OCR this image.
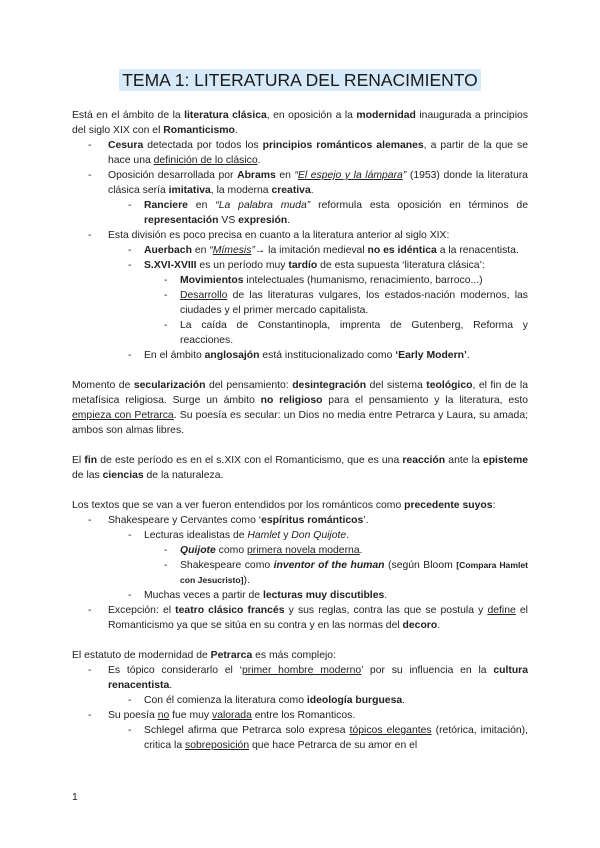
TEMA 1: LITERATURA DEL RENACIMIENTO

Está en el ámbito de la literatura clásica, en oposición a la modernidad inaugurada a principios del siglo XIX con el Romanticismo.

- Cesura detectada por todos los principios románticos alemanes, a partir de la que se hace una definición de lo clásico.
- Oposición desarrollada por Abrams en “El espejo y la lámpara” (1953) donde la literatura clásica sería imitativa, la moderna creativa.
- Ranciere en “La palabra muda” reformula esta oposición en términos de representación VS expresión.
- Esta división es poco precisa en cuanto a la literatura anterior al siglo XIX:
- Auerbach en “Mímesis”→ la imitación medieval no es idéntica a la renacentista.
- S.XVI-XVIII es un período muy tardío de esta supuesta ‘literatura clásica’:
- Movimientos intelectuales (humanismo, renacimiento, barroco...)
- Desarrollo de las literaturas vulgares, los estados-nación modernos, las ciudades y el primer mercado capitalista.
- La caída de Constantinopla, imprenta de Gutenberg, Reforma y reacciones.
- En el ámbito anglosajón está institucionalizado como ‘Early Modern’.

Momento de secularización del pensamiento: desintegración del sistema teológico, el fin de la metafísica religiosa. Surge un ámbito no religioso para el pensamiento y la literatura, esto empieza con Petrarca. Su poesía es secular: un Dios no media entre Petrarca y Laura, su amada; ambos son almas libres.

El fin de este período es en el s.XIX con el Romanticismo, que es una reacción ante la episteme de las ciencias de la naturaleza.

Los textos que se van a ver fueron entendidos por los románticos como precedente suyos:

- Shakespeare y Cervantes como ‘espíritus románticos’.
- Lecturas idealistas de Hamlet y Don Quijote.
- Quijote como primera novela moderna.
- Shakespeare como inventor of the human (según Bloom [Compara Hamlet con Jesucristo]).
- Muchas veces a partir de lecturas muy discutibles.
- Excepción: el teatro clásico francés y sus reglas, contra las que se postula y define el Romanticismo ya que se sitúa en su contra y en las normas del decoro.

El estatuto de modernidad de Petrarca es más complejo:

- Es tópico considerarlo el ‘primer hombre moderno’ por su influencia en la cultura renacentista.
- Con él comienza la literatura como ideología burguesa.
- Su poesía no fue muy valorada entre los Romanticos.
- Schlegel afirma que Petrarca solo expresa tópicos elegantes (retórica, imitación), critica la sobreposición que hace Petrarca de su amor en el
1
